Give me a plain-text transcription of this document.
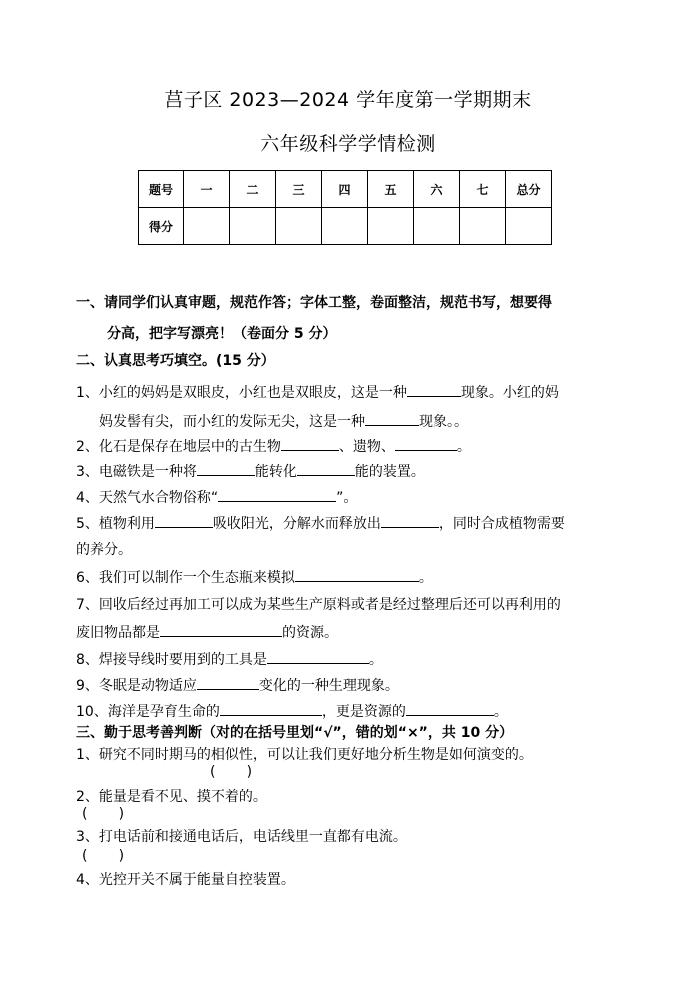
莒子区 2023—2024 学年度第一学期期末
六年级科学学情检测
题号	一	二	三	四	五	六	七	总分
得分								
一、请同学们认真审题，规范作答；字体工整，卷面整洁，规范书写，想要得
分高，把字写漂亮！（卷面分 5 分）
二、认真思考巧填空。(15 分）
1、小红的妈妈是双眼皮，小红也是双眼皮，这是一种	现象。小红的妈
妈发髻有尖，而小红的发际无尖，这是一种	现象。。
2、化石是保存在地层中的古生物	、遗物、	。
3、电磁铁是一种将	能转化	能的装置。
4、天然气水合物俗称“	”。
5、植物利用	吸收阳光，分解水而释放出	，同时合成植物需要
的养分。
6、我们可以制作一个生态瓶来模拟	。
7、回收后经过再加工可以成为某些生产原料或者是经过整理后还可以再利用的
废旧物品都是	的资源。
8、焊接导线时要用到的工具是	。
9、冬眠是动物适应	变化的一种生理现象。
10、海洋是孕育生命的	，更是资源的	。
三、勤于思考善判断（对的在括号里划“√”，错的划“×”，共 10 分）
1、研究不同时期马的相似性，可以让我们更好地分析生物是如何演变的。
(       )
2、能量是看不见、摸不着的。
(       )
3、打电话前和接通电话后，电话线里一直都有电流。
(       )
4、光控开关不属于能量自控装置。
